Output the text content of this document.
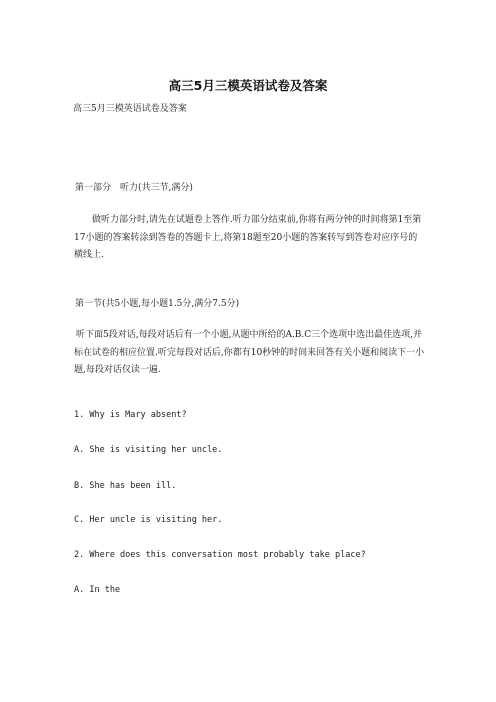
高三5月三模英语试卷及答案
高三5月三模英语试卷及答案
第一部分　听力(共三节,满分)
做听力部分时,请先在试题卷上答作.听力部分结束前,你将有两分钟的时间将第1至第17小题的答案转涂到答卷的答题卡上,将第18题至20小题的答案转写到答卷对应序号的横线上.
第一节(共5小题,每小题1.5分,满分7.5分)
听下面5段对话,每段对话后有一个小题,从题中所给的A.B.C三个选项中选出最佳选项,并标在试卷的相应位置.听完每段对话后,你都有10秒钟的时间来回答有关小题和阅读下一小题,每段对话仅读一遍.
1. Why is Mary absent?
A. She is visiting her uncle.
B. She has been ill.
C. Her uncle is visiting her.
2. Where does this conversation most probably take place?
A. In the
